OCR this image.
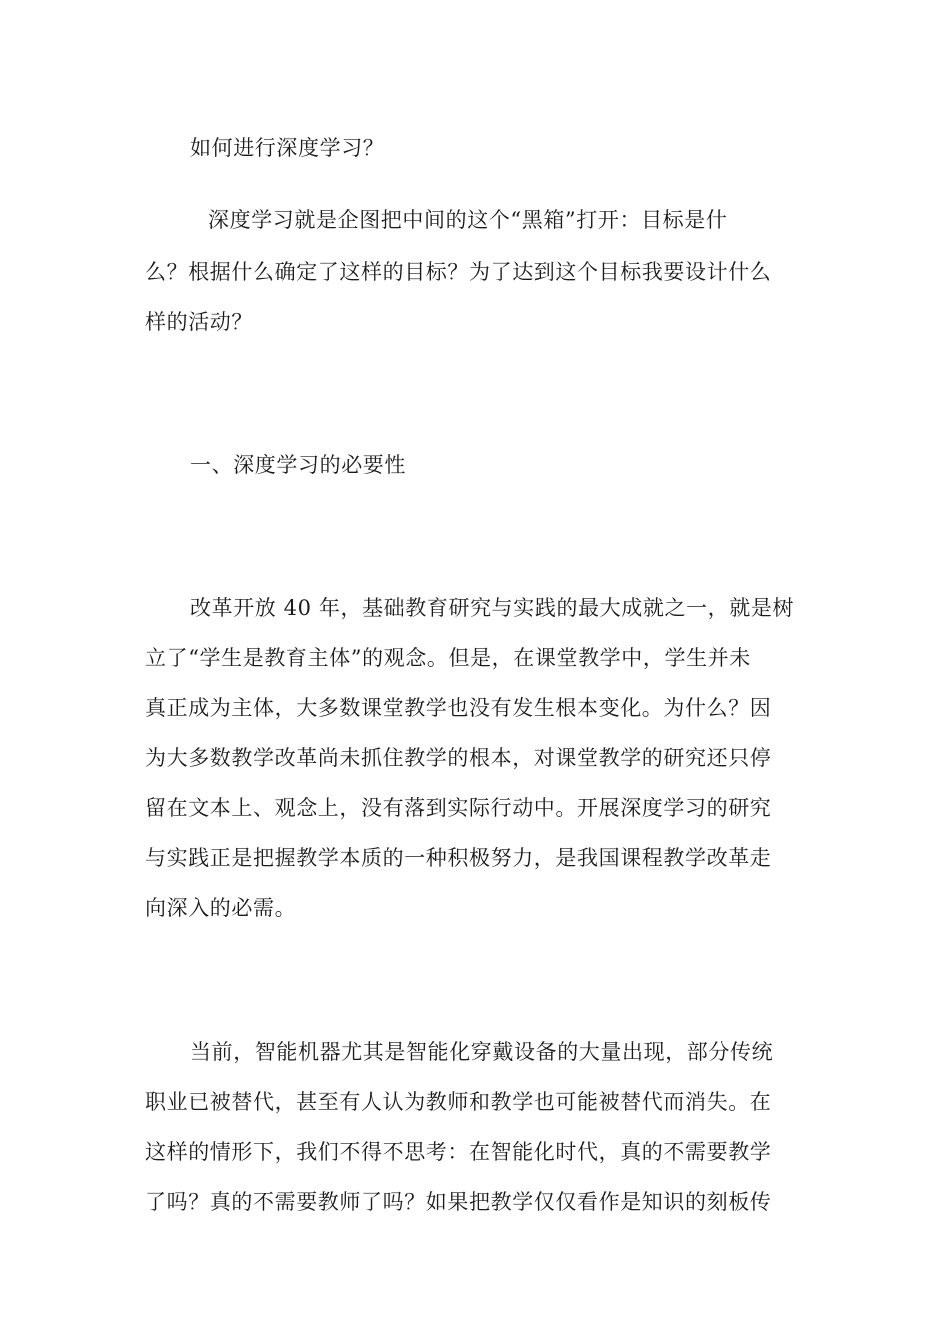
如何进行深度学习？
深度学习就是企图把中间的这个“黑箱”打开：目标是什
么？根据什么确定了这样的目标？为了达到这个目标我要设计什么
样的活动？
一、深度学习的必要性
改革开放 40 年，基础教育研究与实践的最大成就之一，就是树
立了“学生是教育主体”的观念。但是，在课堂教学中，学生并未
真正成为主体，大多数课堂教学也没有发生根本变化。为什么？因
为大多数教学改革尚未抓住教学的根本，对课堂教学的研究还只停
留在文本上、观念上，没有落到实际行动中。开展深度学习的研究
与实践正是把握教学本质的一种积极努力，是我国课程教学改革走
向深入的必需。
当前，智能机器尤其是智能化穿戴设备的大量出现，部分传统
职业已被替代，甚至有人认为教师和教学也可能被替代而消失。在
这样的情形下，我们不得不思考：在智能化时代，真的不需要教学
了吗？真的不需要教师了吗？如果把教学仅仅看作是知识的刻板传
